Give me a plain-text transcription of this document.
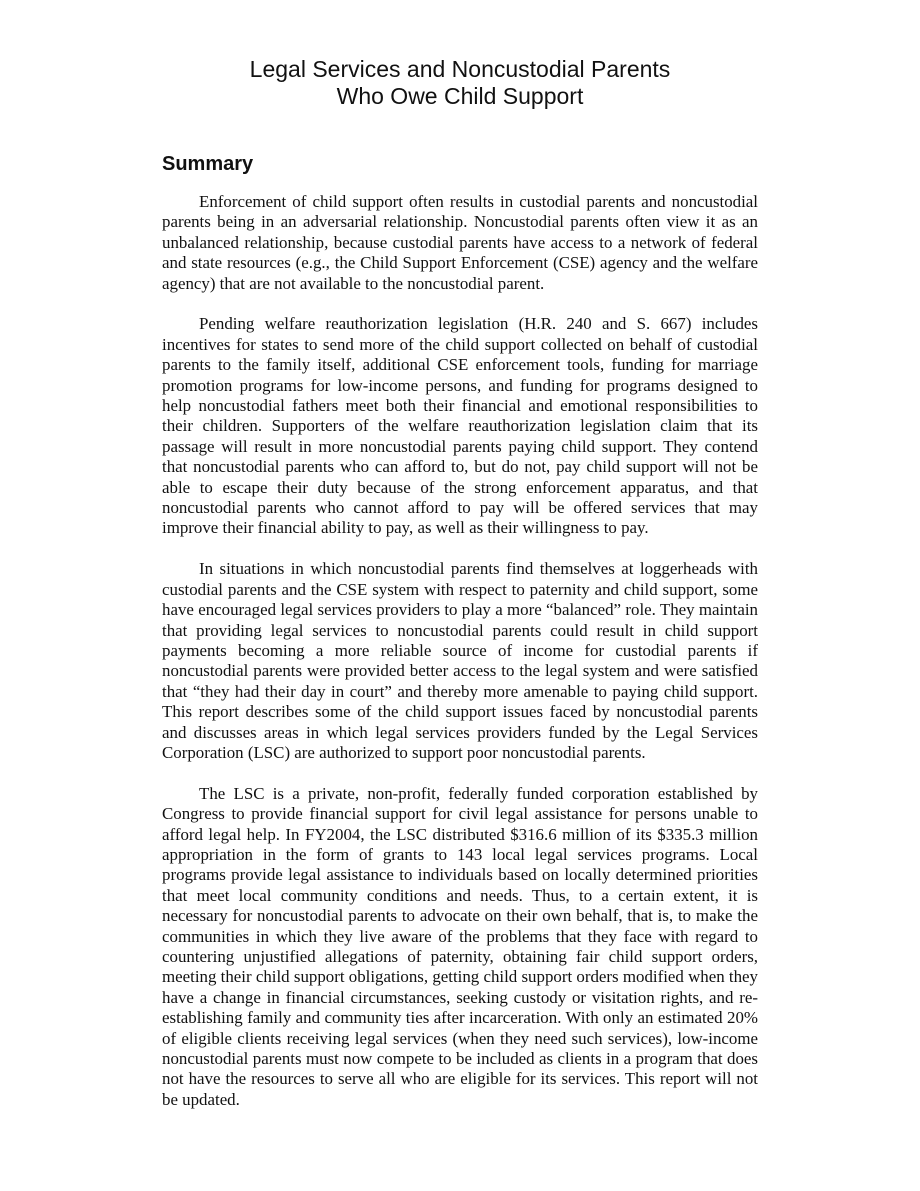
Legal Services and Noncustodial Parents
Who Owe Child Support
Summary

Enforcement of child support often results in custodial parents and noncustodial parents being in an adversarial relationship. Noncustodial parents often view it as an unbalanced relationship, because custodial parents have access to a network of federal and state resources (e.g., the Child Support Enforcement (CSE) agency and the welfare agency) that are not available to the noncustodial parent.

Pending welfare reauthorization legislation (H.R. 240 and S. 667) includes incentives for states to send more of the child support collected on behalf of custodial parents to the family itself, additional CSE enforcement tools, funding for marriage promotion programs for low-income persons, and funding for programs designed to help noncustodial fathers meet both their financial and emotional responsibilities to their children. Supporters of the welfare reauthorization legislation claim that its passage will result in more noncustodial parents paying child support. They contend that noncustodial parents who can afford to, but do not, pay child support will not be able to escape their duty because of the strong enforcement apparatus, and that noncustodial parents who cannot afford to pay will be offered services that may improve their financial ability to pay, as well as their willingness to pay.

In situations in which noncustodial parents find themselves at loggerheads with custodial parents and the CSE system with respect to paternity and child support, some have encouraged legal services providers to play a more “balanced” role. They maintain that providing legal services to noncustodial parents could result in child support payments becoming a more reliable source of income for custodial parents if noncustodial parents were provided better access to the legal system and were satisfied that “they had their day in court” and thereby more amenable to paying child support. This report describes some of the child support issues faced by noncustodial parents and discusses areas in which legal services providers funded by the Legal Services Corporation (LSC) are authorized to support poor noncustodial parents.

The LSC is a private, non-profit, federally funded corporation established by Congress to provide financial support for civil legal assistance for persons unable to afford legal help. In FY2004, the LSC distributed $316.6 million of its $335.3 million appropriation in the form of grants to 143 local legal services programs. Local programs provide legal assistance to individuals based on locally determined priorities that meet local community conditions and needs. Thus, to a certain extent, it is necessary for noncustodial parents to advocate on their own behalf, that is, to make the communities in which they live aware of the problems that they face with regard to countering unjustified allegations of paternity, obtaining fair child support orders, meeting their child support obligations, getting child support orders modified when they have a change in financial circumstances, seeking custody or visitation rights, and re-establishing family and community ties after incarceration. With only an estimated 20% of eligible clients receiving legal services (when they need such services), low-income noncustodial parents must now compete to be included as clients in a program that does not have the resources to serve all who are eligible for its services. This report will not be updated.
